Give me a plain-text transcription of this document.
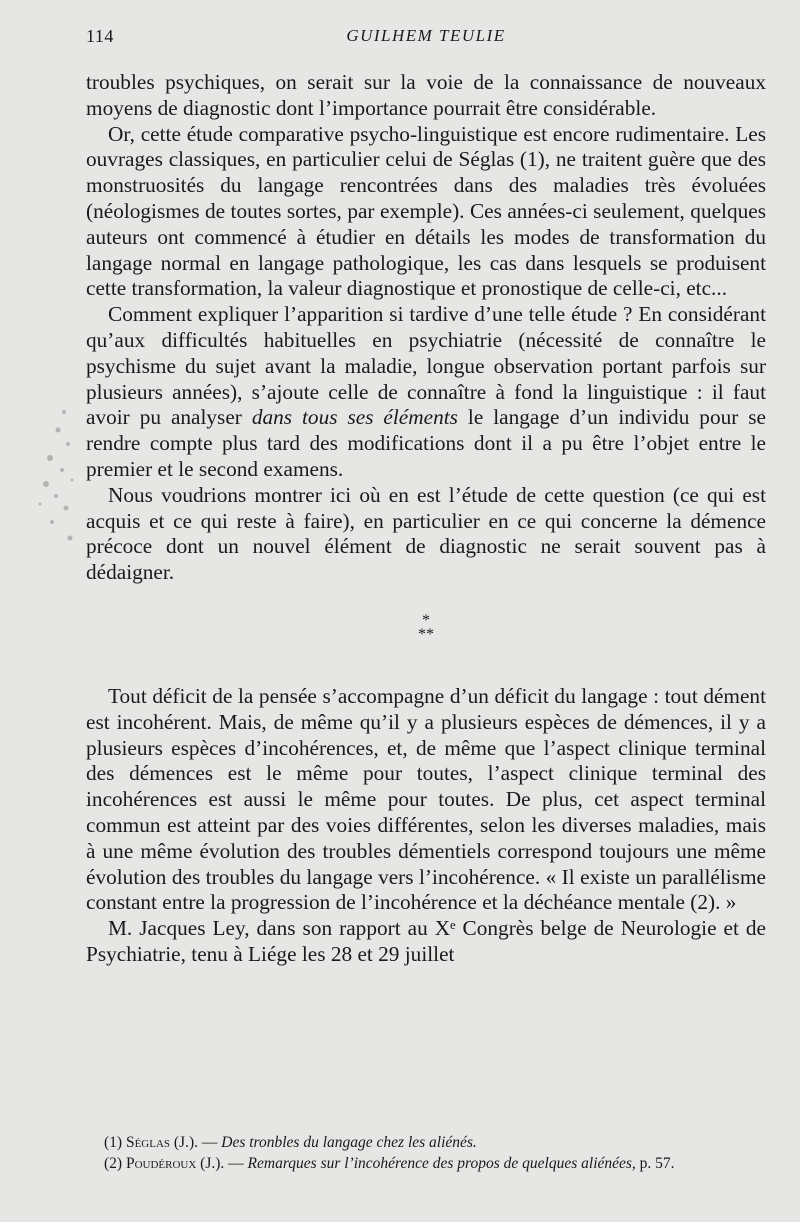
114	GUILHEM TEULIE

troubles psychiques, on serait sur la voie de la connaissance de nouveaux moyens de diagnostic dont l’importance pourrait être considérable.

Or, cette étude comparative psycho-linguistique est encore rudimentaire. Les ouvrages classiques, en particulier celui de Séglas (1), ne traitent guère que des monstruosités du langage rencontrées dans des maladies très évoluées (néologismes de toutes sortes, par exemple). Ces années-ci seulement, quelques auteurs ont commencé à étudier en détails les modes de transformation du langage normal en langage pathologique, les cas dans lesquels se produisent cette transformation, la valeur diagnostique et pronostique de celle-ci, etc...

Comment expliquer l’apparition si tardive d’une telle étude ? En considérant qu’aux difficultés habituelles en psychiatrie (nécessité de connaître le psychisme du sujet avant la maladie, longue observation portant parfois sur plusieurs années), s’ajoute celle de connaître à fond la linguistique : il faut avoir pu analyser dans tous ses éléments le langage d’un individu pour se rendre compte plus tard des modifications dont il a pu être l’objet entre le premier et le second examens.

Nous voudrions montrer ici où en est l’étude de cette question (ce qui est acquis et ce qui reste à faire), en particulier en ce qui concerne la démence précoce dont un nouvel élément de diagnostic ne serait souvent pas à dédaigner.

*
**

Tout déficit de la pensée s’accompagne d’un déficit du langage : tout dément est incohérent. Mais, de même qu’il y a plusieurs espèces de démences, il y a plusieurs espèces d’incohérences, et, de même que l’aspect clinique terminal des démences est le même pour toutes, l’aspect clinique terminal des incohérences est aussi le même pour toutes. De plus, cet aspect terminal commun est atteint par des voies différentes, selon les diverses maladies, mais à une même évolution des troubles démentiels correspond toujours une même évolution des troubles du langage vers l’incohérence. « Il existe un parallélisme constant entre la progression de l’incohérence et la déchéance mentale (2). »

M. Jacques Ley, dans son rapport au Xᵉ Congrès belge de Neurologie et de Psychiatrie, tenu à Liége les 28 et 29 juillet

(1) Séglas (J.). — Des tronbles du langage chez les aliénés.

(2) Poudéroux (J.). — Remarques sur l’incohérence des propos de quelques aliénées, p. 57.
